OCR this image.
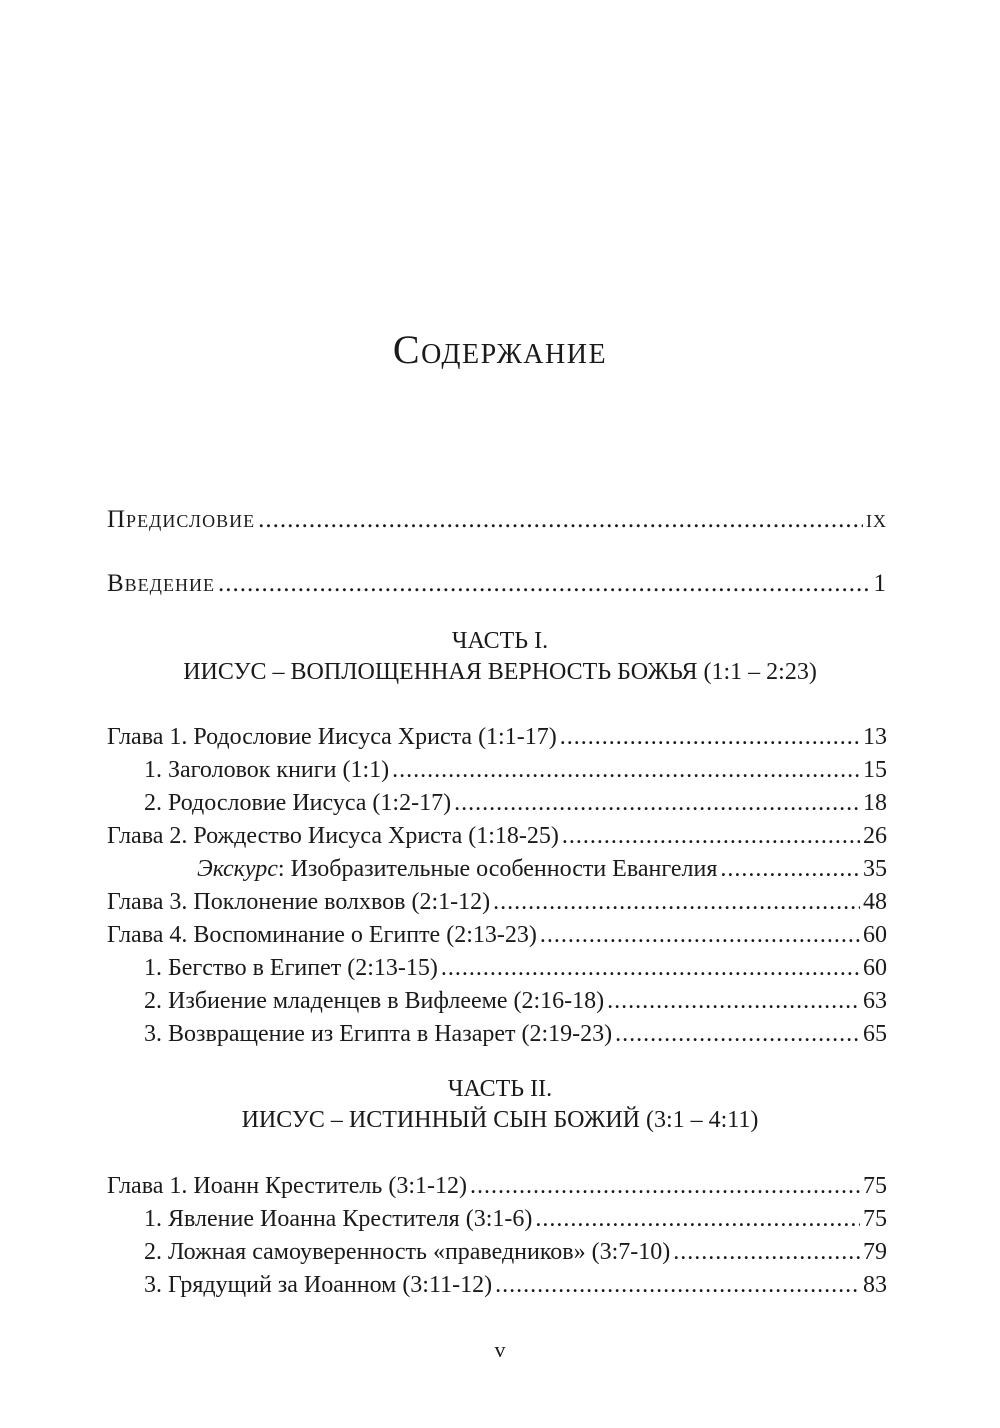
Содержание
Предисловие .....	ix
Введение .....	1
Глава 1. Родословие Иисуса Христа (1:1-17) .....	13
1. Заголовок книги (1:1) .....	15
2. Родословие Иисуса (1:2-17) .....	18
Глава 2. Рождество Иисуса Христа (1:18-25) .....	26
Экскурс: Изобразительные особенности Евангелия .....	35
Глава 3. Поклонение волхвов (2:1-12) .....	48
Глава 4. Воспоминание о Египте (2:13-23) .....	60
1. Бегство в Египет (2:13-15) .....	60
2. Избиение младенцев в Вифлееме (2:16-18) .....	63
3. Возвращение из Египта в Назарет (2:19-23) .....	65
Глава 1. Иоанн Креститель (3:1-12) .....	75
1. Явление Иоанна Крестителя (3:1-6) .....	75
2. Ложная самоуверенность «праведников» (3:7-10) .....	79
3. Грядущий за Иоанном (3:11-12) .....	83
ЧАСТЬ I.
ИИСУС – ВОПЛОЩЕННАЯ ВЕРНОСТЬ БОЖЬЯ (1:1 – 2:23)
ЧАСТЬ II.
ИИСУС – ИСТИННЫЙ СЫН БОЖИЙ (3:1 – 4:11)
v
